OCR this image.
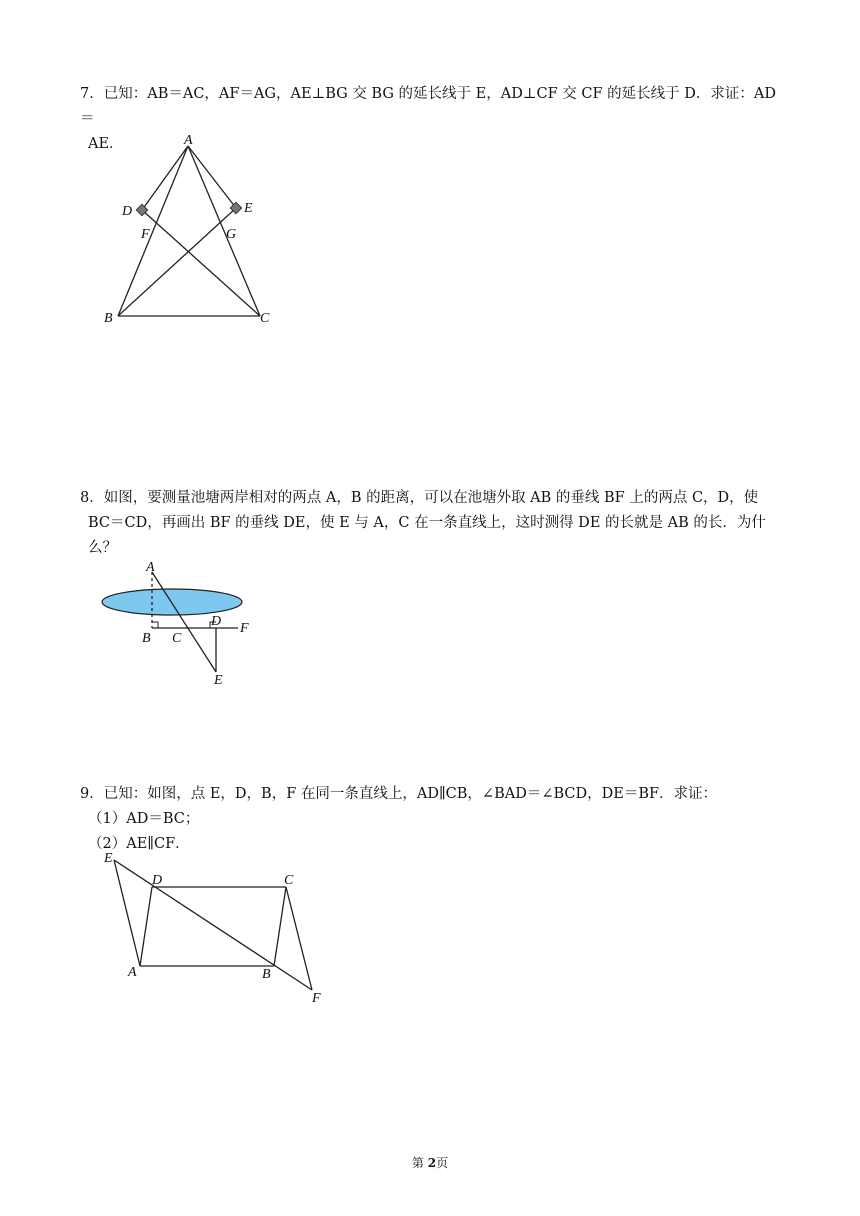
7．已知：AB＝AC，AF＝AG，AE⊥BG 交 BG 的延长线于 E，AD⊥CF 交 CF 的延长线于 D．求证：AD＝

AE．	A
D	E
F	G
B	C

8．如图，要测量池塘两岸相对的两点 A，B 的距离，可以在池塘外取 AB 的垂线 BF 上的两点 C，D，使

BC＝CD，再画出 BF 的垂线 DE，使 E 与 A，C 在一条直线上，这时测得 DE 的长就是 AB 的长．为什

么？

A
B C
D F
E

9．已知：如图，点 E，D，B，F 在同一条直线上，AD∥CB，∠BAD＝∠BCD，DE＝BF．求证：

（1）AD＝BC；

（2）AE∥CF．

E
D	C
A	B
F
第 2页
